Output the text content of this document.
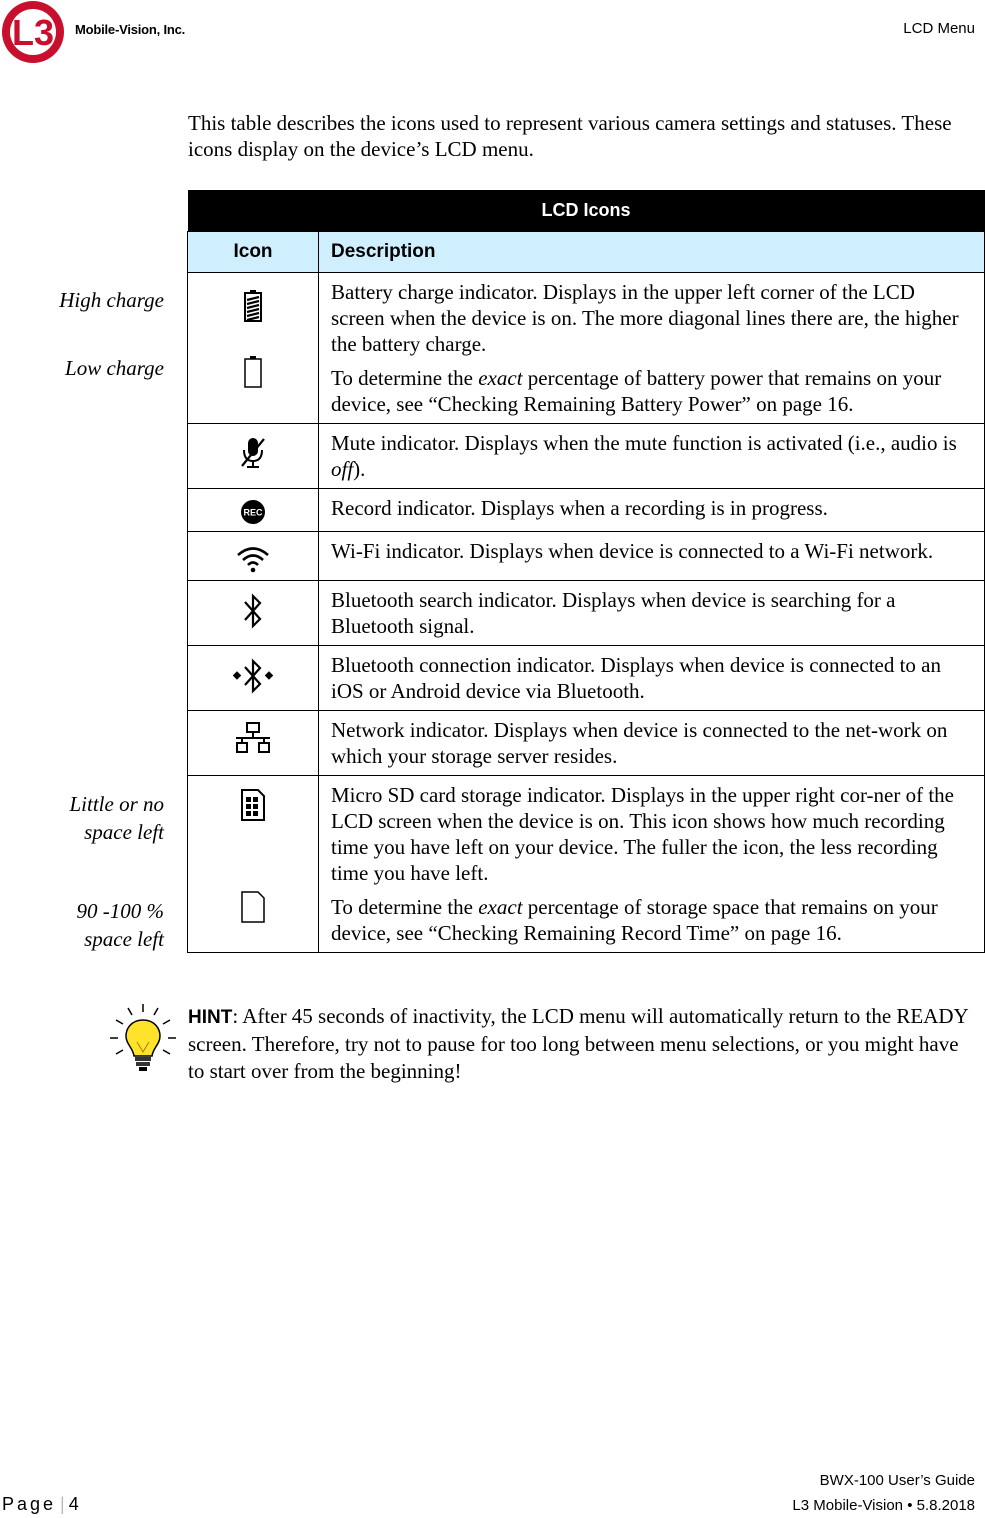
L3 Mobile-Vision, Inc.	LCD Menu
This table describes the icons used to represent various camera settings and statuses. These icons display on the device’s LCD menu.
High charge
Low charge
Little or no
space left
90 -100 %
space left
LCD Icons	
Icon	Description

Battery charge indicator. Displays in the upper left corner of the LCD screen when the device is on. The more diagonal lines there are, the higher the battery charge.

To determine the exact percentage of battery power that remains on your device, see “Checking Remaining Battery Power” on page 16.

Mute indicator. Displays when the mute function is activated (i.e., audio is off).

REC	Record indicator. Displays when a recording is in progress.

Wi-Fi indicator. Displays when device is connected to a Wi-Fi network.

Bluetooth search indicator. Displays when device is searching for a Bluetooth signal.

Bluetooth connection indicator. Displays when device is connected to an iOS or Android device via Bluetooth.

Network indicator. Displays when device is connected to the net-work on which your storage server resides.

Micro SD card storage indicator. Displays in the upper right cor-ner of the LCD screen when the device is on. This icon shows how much recording time you have left on your device. The fuller the icon, the less recording time you have left.

To determine the exact percentage of storage space that remains on your device, see “Checking Remaining Record Time” on page 16.

HINT: After 45 seconds of inactivity, the LCD menu will automatically return to the READY screen. Therefore, try not to pause for too long between menu selections, or you might have to start over from the beginning!
BWX-100 User’s Guide
L3 Mobile-Vision • 5.8.2018
Page | 4
